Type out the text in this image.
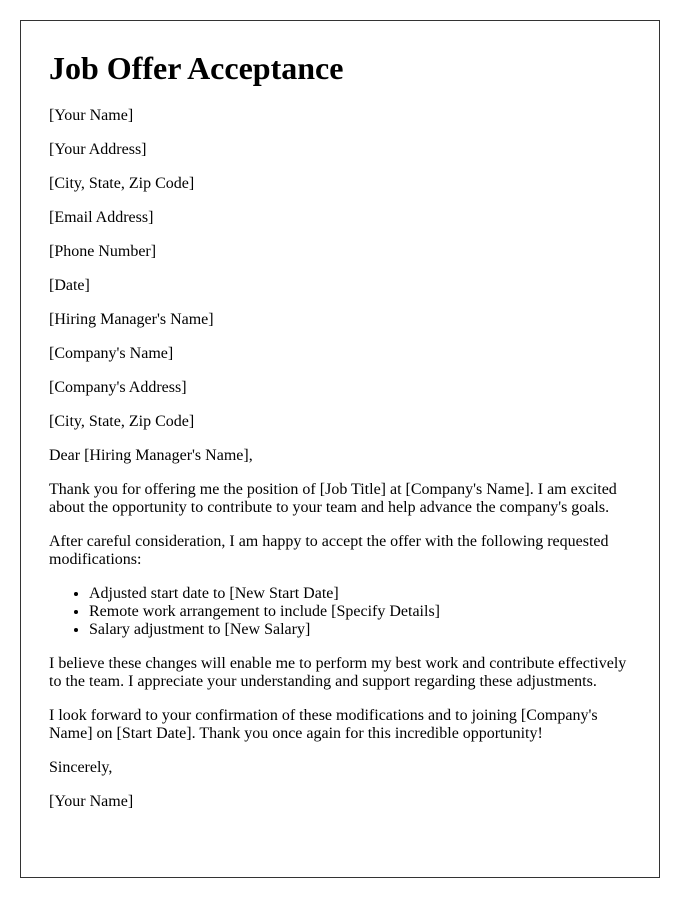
Job Offer Acceptance

[Your Name]

[Your Address]

[City, State, Zip Code]

[Email Address]

[Phone Number]

[Date]

[Hiring Manager's Name]

[Company's Name]

[Company's Address]

[City, State, Zip Code]

Dear [Hiring Manager's Name],

Thank you for offering me the position of [Job Title] at [Company's Name]. I am excited about the opportunity to contribute to your team and help advance the company's goals.

After careful consideration, I am happy to accept the offer with the following requested modifications:

• Adjusted start date to [New Start Date]
• Remote work arrangement to include [Specify Details]
• Salary adjustment to [New Salary]

I believe these changes will enable me to perform my best work and contribute effectively to the team. I appreciate your understanding and support regarding these adjustments.

I look forward to your confirmation of these modifications and to joining [Company's Name] on [Start Date]. Thank you once again for this incredible opportunity!

Sincerely,

[Your Name]
